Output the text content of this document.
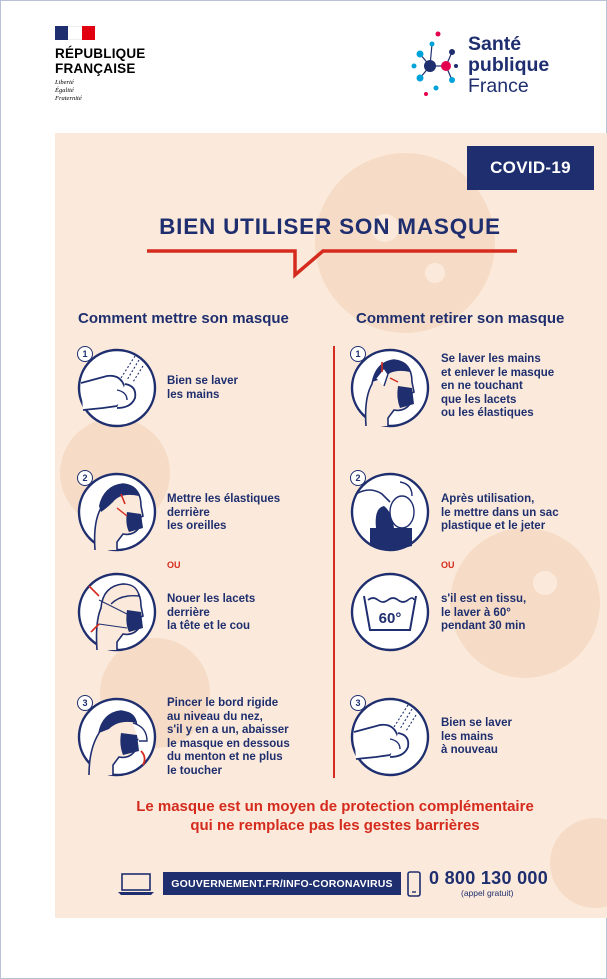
RÉPUBLIQUE
FRANÇAISE
Liberté
Égalité
Fraternité
Santé
publique
France
COVID-19
BIEN UTILISER SON MASQUE
Comment mettre son masque	Comment retirer son masque
1
Bien se laver
les mains
2
Mettre les élastiques
derrière
les oreilles
OU
Nouer les lacets
derrière
la tête et le cou
3	Pincer le bord rigide
au niveau du nez,
s'il y en a un, abaisser
le masque en dessous
du menton et ne plus
le toucher
1	Se laver les mains
et enlever le masque
en ne touchant
que les lacets
ou les élastiques
2
Après utilisation,
le mettre dans un sac
plastique et le jeter
OU
60°
s'il est en tissu,
le laver à 60°
pendant 30 min
3
Bien se laver
les mains
à nouveau
Le masque est un moyen de protection complémentaire
qui ne remplace pas les gestes barrières
GOUVERNEMENT.FR/INFO-CORONAVIRUS	0 800 130 000
(appel gratuit)
